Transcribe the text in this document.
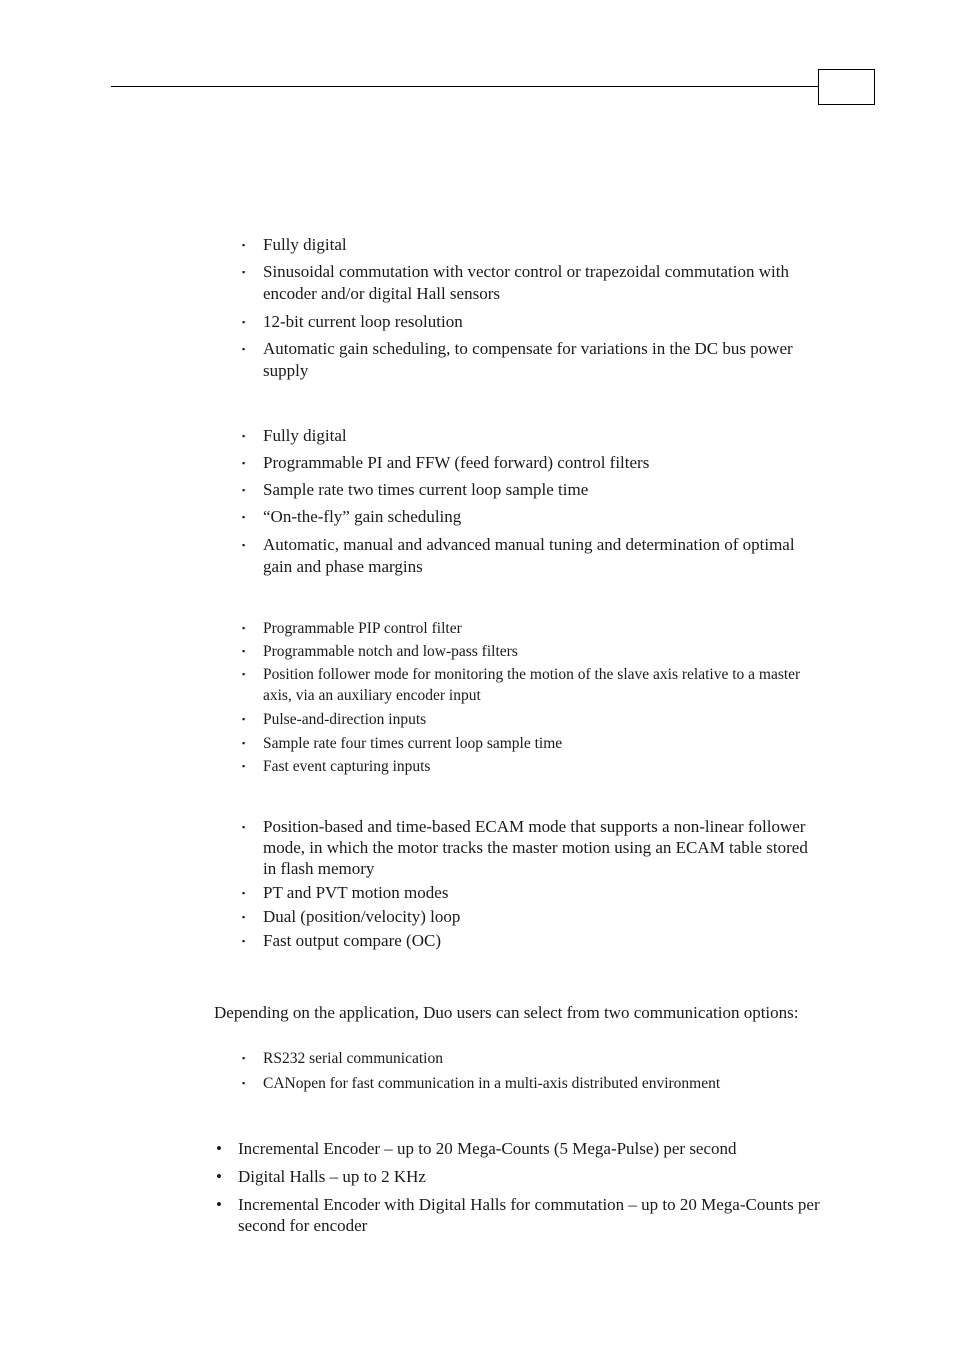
▪ Fully digital
▪ Sinusoidal commutation with vector control or trapezoidal commutation with encoder and/or digital Hall sensors
▪ 12-bit current loop resolution
▪ Automatic gain scheduling, to compensate for variations in the DC bus power supply
▪ Fully digital
▪ Programmable PI and FFW (feed forward) control filters
▪ Sample rate two times current loop sample time
▪ “On-the-fly” gain scheduling
▪ Automatic, manual and advanced manual tuning and determination of optimal gain and phase margins
▪ Programmable PIP control filter
▪ Programmable notch and low-pass filters
▪ Position follower mode for monitoring the motion of the slave axis relative to a master axis, via an auxiliary encoder input
▪ Pulse-and-direction inputs
▪ Sample rate four times current loop sample time
▪ Fast event capturing inputs
▪ Position-based and time-based ECAM mode that supports a non-linear follower mode, in which the motor tracks the master motion using an ECAM table stored in flash memory
▪ PT and PVT motion modes
▪ Dual (position/velocity) loop
▪ Fast output compare (OC)
Depending on the application, Duo users can select from two communication options:
▪ RS232 serial communication
▪ CANopen for fast communication in a multi-axis distributed environment
• Incremental Encoder – up to 20 Mega-Counts (5 Mega-Pulse) per second
• Digital Halls – up to 2 KHz
• Incremental Encoder with Digital Halls for commutation – up to 20 Mega-Counts per second for encoder
